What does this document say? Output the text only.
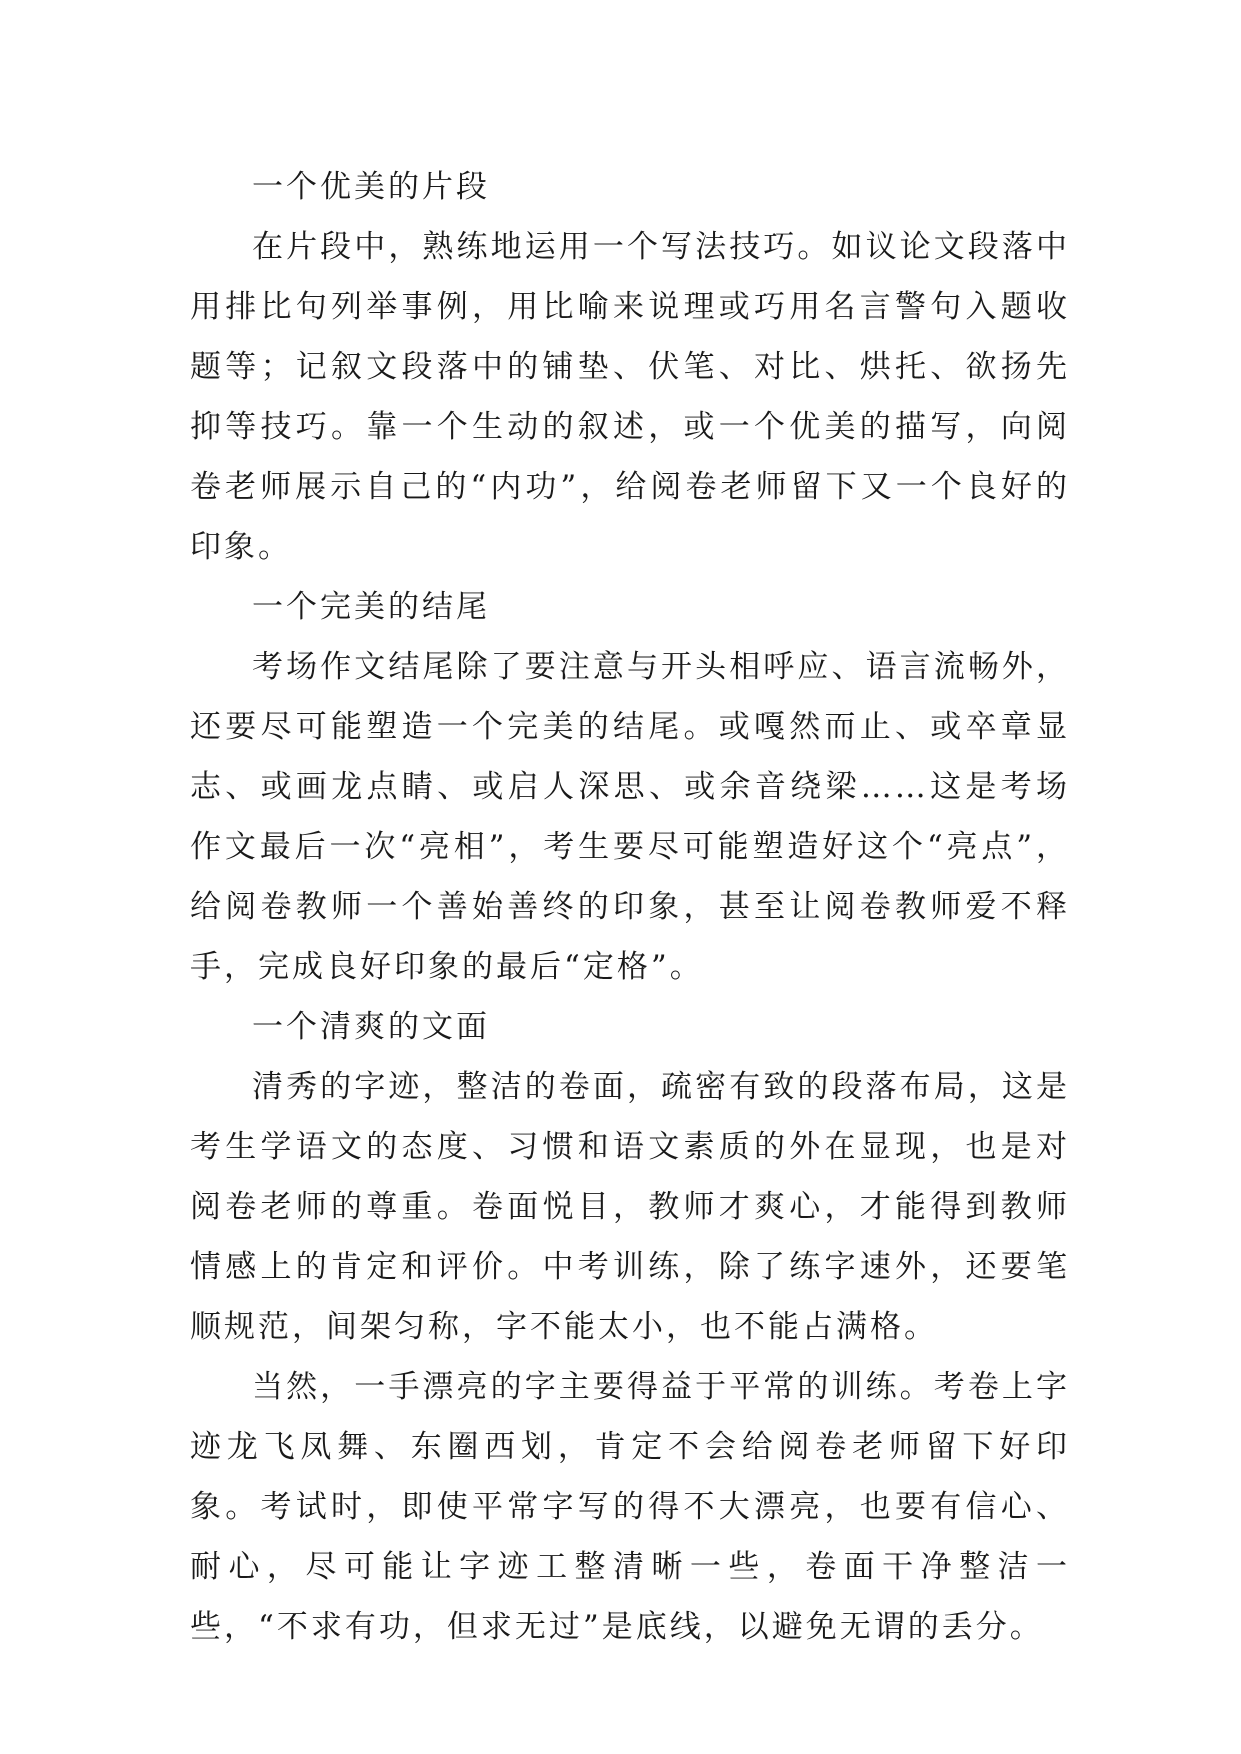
一个优美的片段

在片段中，熟练地运用一个写法技巧。如议论文段落中用排比句列举事例，用比喻来说理或巧用名言警句入题收题等；记叙文段落中的铺垫、伏笔、对比、烘托、欲扬先抑等技巧。靠一个生动的叙述，或一个优美的描写，向阅卷老师展示自己的“内功”，给阅卷老师留下又一个良好的印象。

一个完美的结尾

考场作文结尾除了要注意与开头相呼应、语言流畅外，还要尽可能塑造一个完美的结尾。或嘎然而止、或卒章显志、或画龙点睛、或启人深思、或余音绕梁……这是考场作文最后一次“亮相”，考生要尽可能塑造好这个“亮点”，给阅卷教师一个善始善终的印象，甚至让阅卷教师爱不释手，完成良好印象的最后“定格”。

一个清爽的文面

清秀的字迹，整洁的卷面，疏密有致的段落布局，这是考生学语文的态度、习惯和语文素质的外在显现，也是对阅卷老师的尊重。卷面悦目，教师才爽心，才能得到教师情感上的肯定和评价。中考训练，除了练字速外，还要笔顺规范，间架匀称，字不能太小，也不能占满格。

当然，一手漂亮的字主要得益于平常的训练。考卷上字迹龙飞凤舞、东圈西划，肯定不会给阅卷老师留下好印象。考试时，即使平常字写的得不大漂亮，也要有信心、耐心，尽可能让字迹工整清晰一些，卷面干净整洁一些，“不求有功，但求无过”是底线，以避免无谓的丢分。
